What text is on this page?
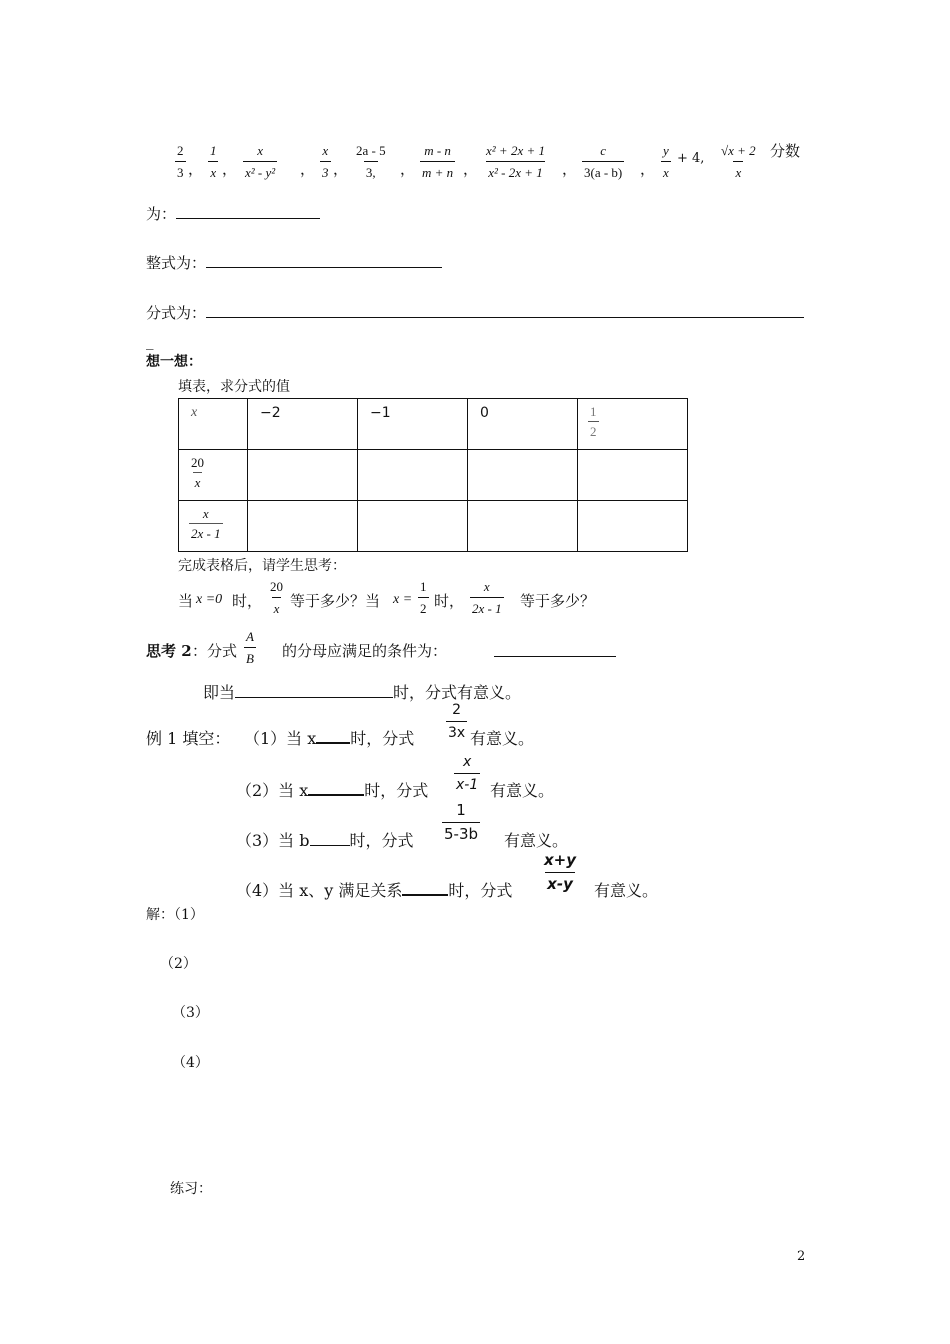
$\frac{2}{3}$ ， $\frac{1}{x}$ ， $\frac{x}{\text{x² - y²}}$ ， $\frac{x}{3}$ ， $\frac{2a - 5}{3,}$ ， $\frac{m - n}{m + n}$ ， $\frac{\text{x² + 2x + 1}}{\text{x² - 2x + 1}}$ ， $\frac{c}{3(a - b)}$ ， $\frac{y}{x} + 4$, $\frac{√x + 2}{x}$ 分数
为：
整式为：
分式为：
_
想一想：
填表，求分式的值
x	−2	−1	0	$\frac{1}{2}$

$\frac{20}{x}$

$\frac{x}{2x - 1}$

完成表格后，请学生思考：
当 x =0 时， $\frac{20}{x}$ 等于多少？当 $x = \frac{1}{2}$ 时， $\frac{x}{2x - 1}$ 等于多少？
思考 2 ：分式 $\frac{A}{B}$ 的分母应满足的条件为：
即当	时，分式有意义。
例 1 填空： （1）当 x 时，分式 $\frac{2}{3x}$ 有意义。
（2）当 x	时，分式 $\frac{x}{x-1}$ 有意义。
（3）当 b	时，分式 $\frac{1}{5-3b}$ 有意义。
（4）当 x、y 满足关系	时，分式 $\frac{x+y}{x-y}$ 有意义。
解：（1）
（2）
（3）
（4）
练习：
2
